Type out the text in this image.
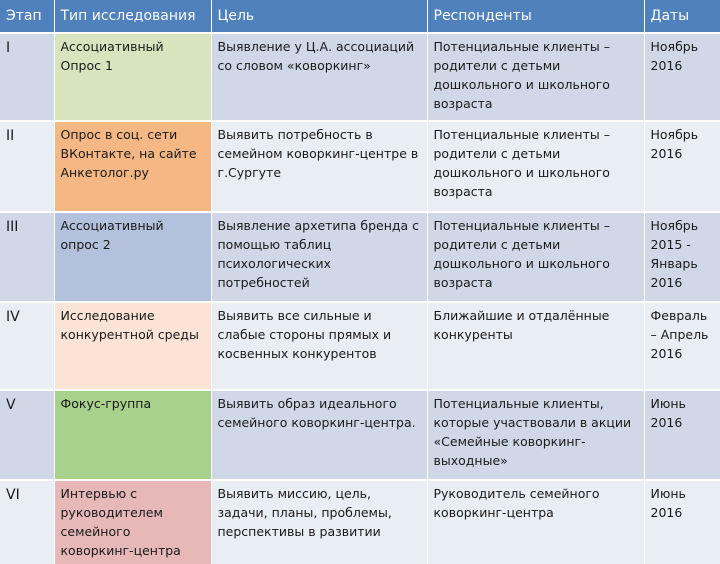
Этап	Тип исследования	Цель	Респонденты	Даты
I	Ассоциативный Опрос 1	Выявление у Ц.А. ассоциаций со словом «коворкинг»	Потенциальные клиенты – родители с детьми дошкольного и школьного возраста	Ноябрь 2016
II	Опрос в соц. сети ВКонтакте, на сайте Анкетолог.ру	Выявить потребность в семейном коворкинг-центре в г.Сургуте	Потенциальные клиенты – родители с детьми дошкольного и школьного возраста	Ноябрь 2016
III	Ассоциативный опрос 2	Выявление архетипа бренда с помощью таблиц психологических потребностей	Потенциальные клиенты – родители с детьми дошкольного и школьного возраста	Ноябрь 2015 - Январь 2016
IV	Исследование конкурентной среды	Выявить все сильные и слабые стороны прямых и косвенных конкурентов	Ближайшие и отдалённые конкуренты	Февраль – Апрель 2016
V	Фокус-группа	Выявить образ идеального семейного коворкинг-центра.	Потенциальные клиенты, которые участвовали в акции «Семейные коворкинг-выходные»	Июнь 2016
VI	Интервью с руководителем семейного коворкинг-центра	Выявить миссию, цель, задачи, планы, проблемы, перспективы в развитии	Руководитель семейного коворкинг-центра	Июнь 2016
